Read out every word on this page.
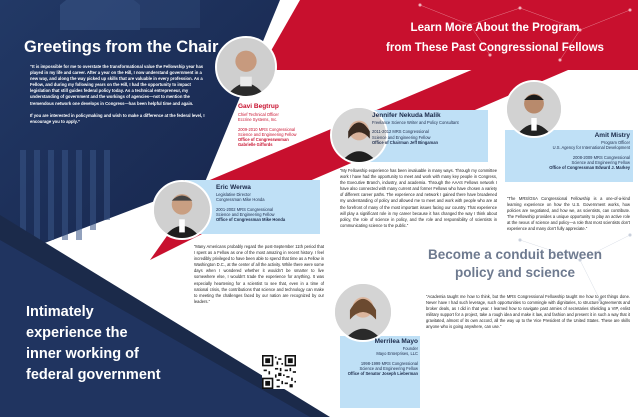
Greetings from the Chair
“It is impossible for me to overstate the transformational value the Fellowship year has played in my life and career. After a year on the Hill, I now understand government in a new way, and along the way picked up skills that are valuable in every profession. As a Fellow, and during my following years on the Hill, I had the opportunity to impact legislation that still guides federal policy today. As a technical entrepreneur, my understanding of government and the workings of agencies—not to mention the tremendous network one develops in Congress—has been helpful time and again.
If you are interested in policymaking and wish to make a difference at the federal level, I encourage you to apply.”
Gavi Begtrup
Chief Technical Officer
Eccrine Systems, Inc.
2009-2010 MRS Congressional
Science and Engineering Fellow
Office of Congresswoman
Gabrielle Giffords
Learn More About the Program
from These Past Congressional Fellows
Jennifer Nekuda Malik
Freelance Science Writer and Policy Consultant
2011-2012 MRS Congressional
Science and Engineering Fellow
Office of Chairman Jeff Bingaman
“My Fellowship experience has been invaluable in many ways. Through my committee work I have had the opportunity to meet and work with many key people in Congress, the Executive Branch, industry, and academia. Through the AAAS Fellows network I have also connected with many current and former Fellows who have chosen a variety of different career paths. The experience and network I gained there have broadened my understanding of policy and allowed me to meet and work with people who are at the forefront of many of the most important issues facing our country. That experience will play a significant role in my career because it has changed the way I think about policy, the role of science in policy, and the role and responsibility of scientists in communicating science to the public.”
Amit Mistry
Program Officer
U.S. Agency for International Development
2008-2009 MRS Congressional
Science and Engineering Fellow
Office of Congressman Edward J. Markey
“The MRS/OSA Congressional Fellowship is a one-of-a-kind learning experience on how the U.S. Government works, how policies are negotiated, and how we, as scientists, can contribute. The Fellowship provides a unique opportunity to play an active role at the nexus of science and policy—a role that most scientists don't experience and many don't fully appreciate.”
Eric Werwa
Legislative Director
Congressman Mike Honda
2001-2002 MRS Congressional
Science and Engineering Fellow
Office of Congressman Mike Honda
“Many Americans probably regard the post-September 11th period that I spent as a Fellow as one of the most amazing in recent history. I feel incredibly privileged to have been able to spend that time as a Fellow in Washington D.C., at the center of all the activity. While there were some days when I wondered whether it wouldn't be smarter to live somewhere else, I wouldn't trade the experience for anything. It was especially heartening for a scientist to see that, even in a time of national crisis, the contributions that science and technology can make to meeting the challenges faced by our nation are recognized by our leaders.”
Become a conduit between
policy and science
Merrilea Mayo
Founder
Mayo Enterprises, LLC
1998-1999 MRS Congressional
Science and Engineering Fellow
Office of Senator Joseph Lieberman
“Academia taught me how to think, but the MRS Congressional Fellowship taught me how to get things done. Never have I had such leverage, such opportunities to commingle with dignitaries, to structure agreements and broker deals, as I did in that year. I learned how to navigate past armies of secretaries shielding a VIP, enlist military support for a project, take a rough idea and make it law, and fashion and present it in such a way that it gravitated, almost of its own accord, all the way up to the Vice President of the United States. These are skills anyone who is going anywhere, can use.”
Intimately
experience the
inner working of
federal government
